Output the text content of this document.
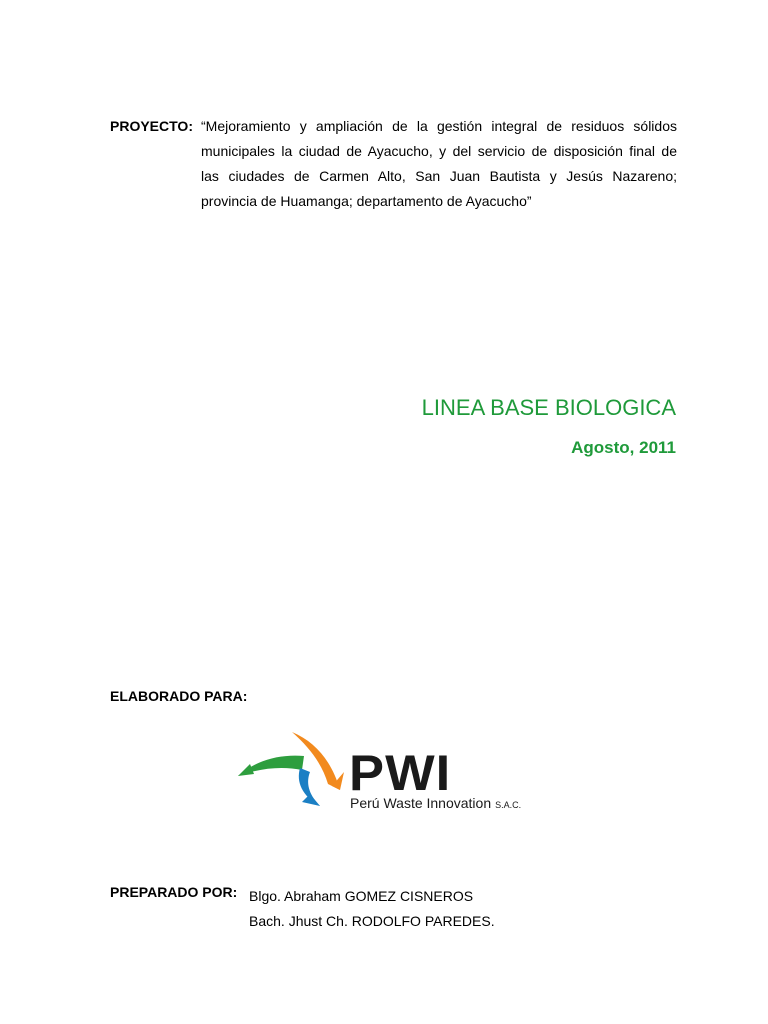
PROYECTO: “Mejoramiento y ampliación de la gestión integral de residuos sólidos
municipales la ciudad de Ayacucho, y del servicio de disposición final de
las ciudades de Carmen Alto, San Juan Bautista y Jesús Nazareno;
provincia de Huamanga; departamento de Ayacucho”
LINEA BASE BIOLOGICA
Agosto, 2011
ELABORADO PARA:
PWI
Perú Waste Innovation S.A.C.
PREPARADO POR: Blgo. Abraham GOMEZ CISNEROS
Bach. Jhust Ch. RODOLFO PAREDES.
